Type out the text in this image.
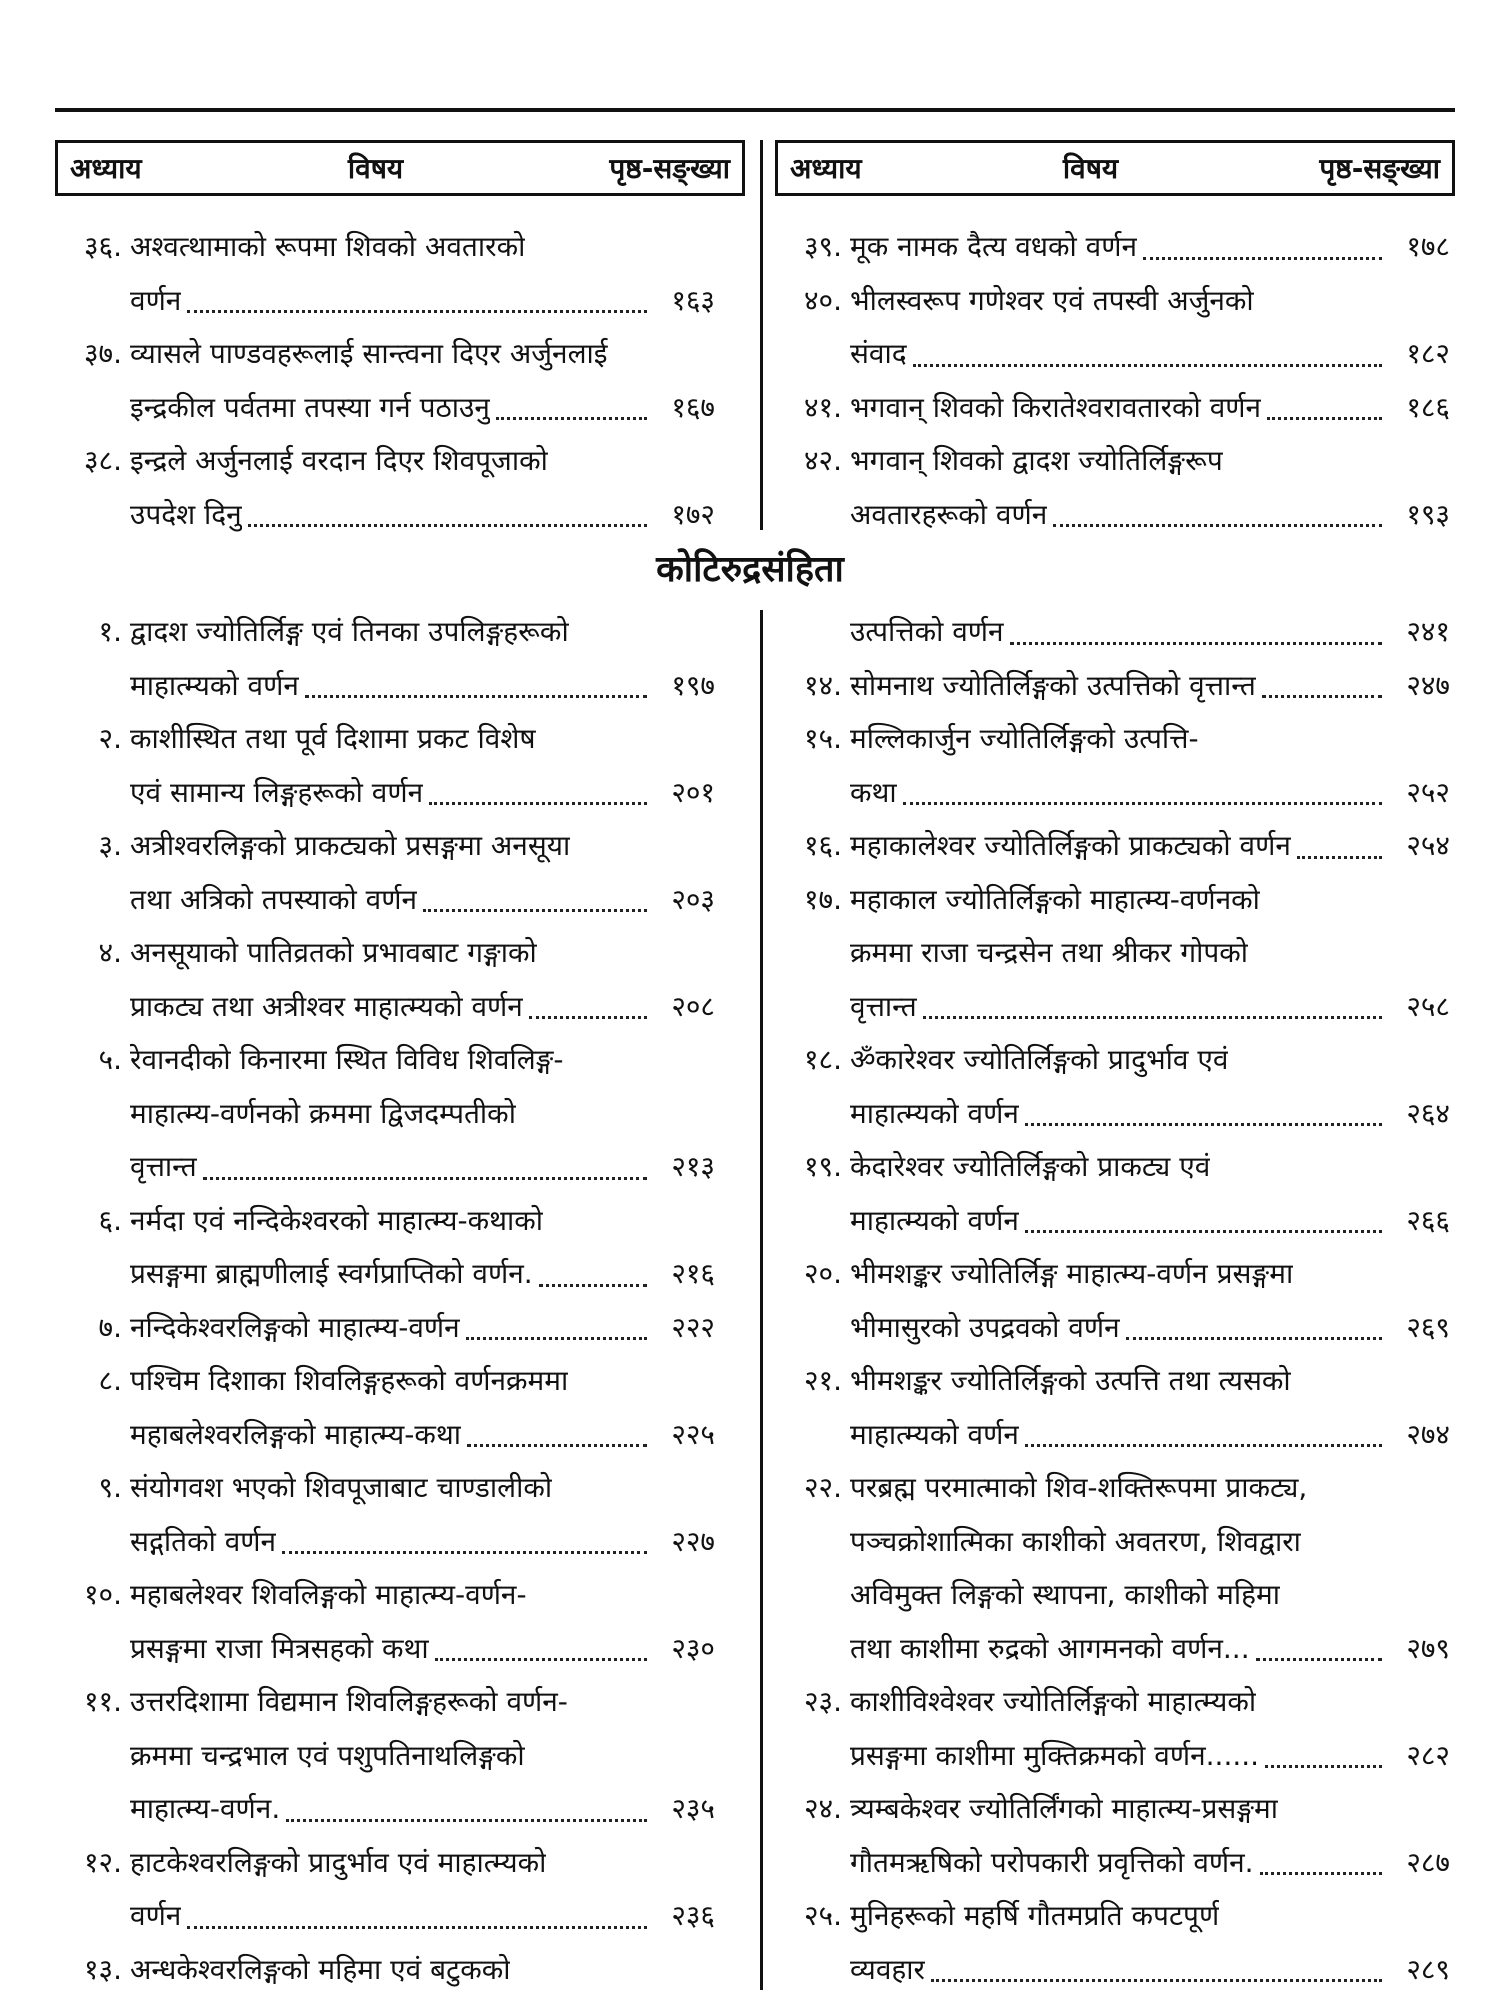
अध्याय	विषय	पृष्ठ-सङ्ख्या अध्याय	विषय	पृष्ठ-सङ्ख्या
३६. अश्वत्थामाको रूपमा शिवको अवतारको
वर्णन	१६३
३७. व्यासले पाण्डवहरूलाई सान्त्वना दिएर अर्जुनलाई
इन्द्रकील पर्वतमा तपस्या गर्न पठाउनु	१६७
३८. इन्द्रले अर्जुनलाई वरदान दिएर शिवपूजाको
उपदेश दिनु	१७२
३९. मूक नामक दैत्य वधको वर्णन	१७८
४०. भीलस्वरूप गणेश्वर एवं तपस्वी अर्जुनको
संवाद	१८२
४१. भगवान् शिवको किरातेश्वरावतारको वर्णन	१८६
४२. भगवान् शिवको द्वादश ज्योतिर्लिङ्गरूप
अवतारहरूको वर्णन	१९३
कोटिरुद्रसंहिता
१. द्वादश ज्योतिर्लिङ्ग एवं तिनका उपलिङ्गहरूको
माहात्म्यको वर्णन	१९७
२. काशीस्थित तथा पूर्व दिशामा प्रकट विशेष
एवं सामान्य लिङ्गहरूको वर्णन	२०१
३. अत्रीश्वरलिङ्गको प्राकट्यको प्रसङ्गमा अनसूया
तथा अत्रिको तपस्याको वर्णन	२०३
४. अनसूयाको पातिव्रतको प्रभावबाट गङ्गाको
प्राकट्य तथा अत्रीश्वर माहात्म्यको वर्णन	२०८
५. रेवानदीको किनारमा स्थित विविध शिवलिङ्ग-
माहात्म्य-वर्णनको क्रममा द्विजदम्पतीको
वृत्तान्त	२१३
६. नर्मदा एवं नन्दिकेश्वरको माहात्म्य-कथाको
प्रसङ्गमा ब्राह्मणीलाई स्वर्गप्राप्तिको वर्णन.	२१६
७. नन्दिकेश्वरलिङ्गको माहात्म्य-वर्णन	२२२
८. पश्चिम दिशाका शिवलिङ्गहरूको वर्णनक्रममा
महाबलेश्वरलिङ्गको माहात्म्य-कथा	२२५
९. संयोगवश भएको शिवपूजाबाट चाण्डालीको
सद्गतिको वर्णन	२२७
१०. महाबलेश्वर शिवलिङ्गको माहात्म्य-वर्णन-
प्रसङ्गमा राजा मित्रसहको कथा	२३०
११. उत्तरदिशामा विद्यमान शिवलिङ्गहरूको वर्णन-
क्रममा चन्द्रभाल एवं पशुपतिनाथलिङ्गको
माहात्म्य-वर्णन.	२३५
१२. हाटकेश्वरलिङ्गको प्रादुर्भाव एवं माहात्म्यको
वर्णन	२३६
१३. अन्धकेश्वरलिङ्गको महिमा एवं बटुकको
उत्पत्तिको वर्णन	२४१
१४. सोमनाथ ज्योतिर्लिङ्गको उत्पत्तिको वृत्तान्त	२४७
१५. मल्लिकार्जुन ज्योतिर्लिङ्गको उत्पत्ति-
कथा	२५२
१६. महाकालेश्वर ज्योतिर्लिङ्गको प्राकट्यको वर्णन	२५४
१७. महाकाल ज्योतिर्लिङ्गको माहात्म्य-वर्णनको
क्रममा राजा चन्द्रसेन तथा श्रीकर गोपको
वृत्तान्त	२५८
१८. ॐकारेश्वर ज्योतिर्लिङ्गको प्रादुर्भाव एवं
माहात्म्यको वर्णन	२६४
१९. केदारेश्वर ज्योतिर्लिङ्गको प्राकट्य एवं
माहात्म्यको वर्णन	२६६
२०. भीमशङ्कर ज्योतिर्लिङ्ग माहात्म्य-वर्णन प्रसङ्गमा
भीमासुरको उपद्रवको वर्णन	२६९
२१. भीमशङ्कर ज्योतिर्लिङ्गको उत्पत्ति तथा त्यसको
माहात्म्यको वर्णन	२७४
२२. परब्रह्म परमात्माको शिव-शक्तिरूपमा प्राकट्य,
पञ्चक्रोशात्मिका काशीको अवतरण, शिवद्वारा
अविमुक्त लिङ्गको स्थापना, काशीको महिमा
तथा काशीमा रुद्रको आगमनको वर्णन...	२७९
२३. काशीविश्वेश्वर ज्योतिर्लिङ्गको माहात्म्यको
प्रसङ्गमा काशीमा मुक्तिक्रमको वर्णन......	२८२
२४. त्र्यम्बकेश्वर ज्योतिर्लिंगको माहात्म्य-प्रसङ्गमा
गौतमऋषिको परोपकारी प्रवृत्तिको वर्णन.	२८७
२५. मुनिहरूको महर्षि गौतमप्रति कपटपूर्ण
व्यवहार	२८९
